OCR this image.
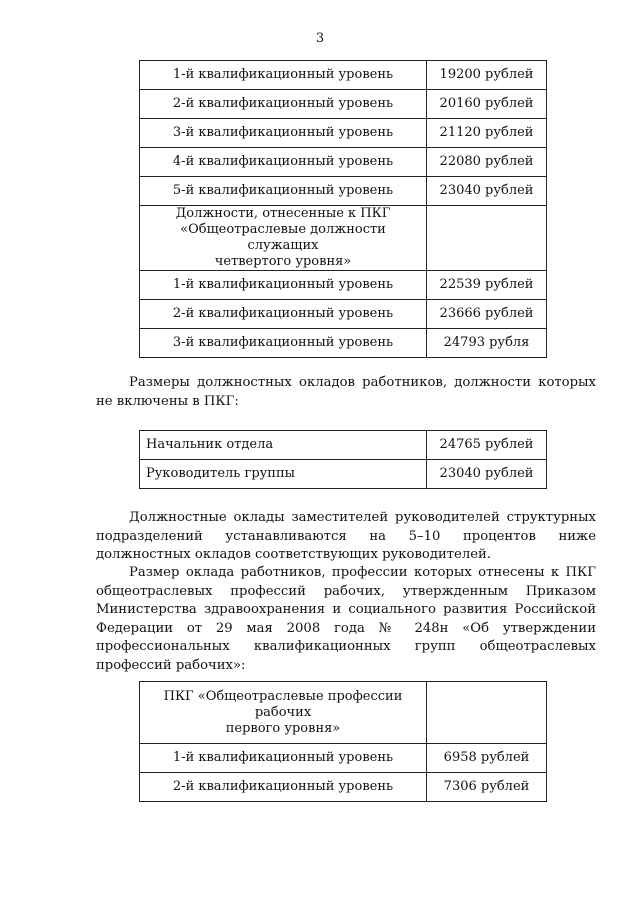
3
1-й квалификационный уровень	19200 рублей
2-й квалификационный уровень	20160 рублей
3-й квалификационный уровень	21120 рублей
4-й квалификационный уровень	22080 рублей
5-й квалификационный уровень	23040 рублей

Должности, отнесенные к ПКГ
«Общеотраслевые должности служащих
четвертого уровня»	

1-й квалификационный уровень	22539 рублей
2-й квалификационный уровень	23666 рублей
3-й квалификационный уровень	24793 рубля

Размеры должностных окладов работников, должности которых не включены в ПКГ:

Начальник отдела	24765 рублей
Руководитель группы	23040 рублей

Должностные оклады заместителей руководителей структурных подразделений устанавливаются на 5–10 процентов ниже должностных окладов соответствующих руководителей.

Размер оклада работников, профессии которых отнесены к ПКГ общеотраслевых профессий рабочих, утвержденным Приказом Министерства здравоохранения и социального развития Российской Федерации от 29 мая 2008 года № 248н «Об утверждении профессиональных квалификационных групп общеотраслевых профессий рабочих»:

ПКГ «Общеотраслевые профессии
рабочих
первого уровня»	

1-й квалификационный уровень	6958 рублей
2-й квалификационный уровень	7306 рублей
